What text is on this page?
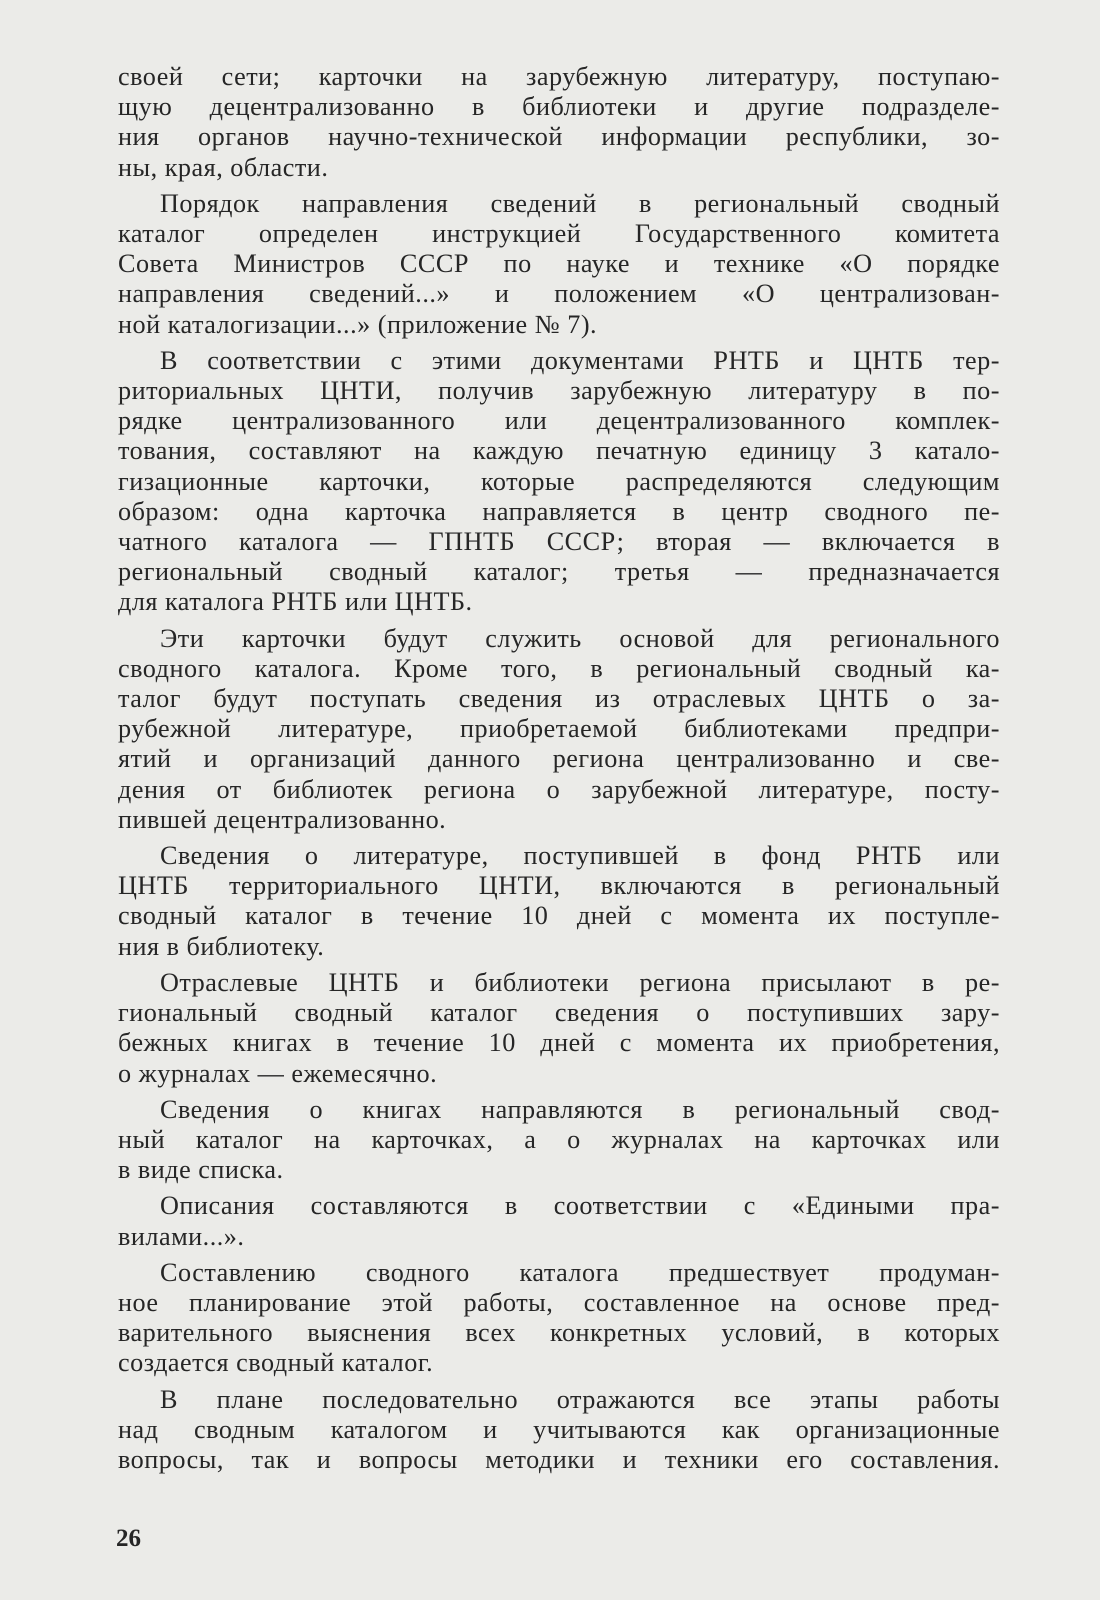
своей сети; карточки на зарубежную литературу, поступаю-
щую децентрализованно в библиотеки и другие подразделе-
ния органов научно-технической информации республики, зо-
ны, края, области.
Порядок направления сведений в региональный сводный
каталог определен инструкцией Государственного комитета
Совета Министров СССР по науке и технике «О порядке
направления сведений...» и положением «О централизован-
ной каталогизации...» (приложение № 7).
В соответствии с этими документами РНТБ и ЦНТБ тер-
риториальных ЦНТИ, получив зарубежную литературу в по-
рядке централизованного или децентрализованного комплек-
тования, составляют на каждую печатную единицу 3 катало-
гизационные карточки, которые распределяются следующим
образом: одна карточка направляется в центр сводного пе-
чатного каталога — ГПНТБ СССР; вторая — включается в
региональный сводный каталог; третья — предназначается
для каталога РНТБ или ЦНТБ.
Эти карточки будут служить основой для регионального
сводного каталога. Кроме того, в региональный сводный ка-
талог будут поступать сведения из отраслевых ЦНТБ о за-
рубежной литературе, приобретаемой библиотеками предпри-
ятий и организаций данного региона централизованно и све-
дения от библиотек региона о зарубежной литературе, посту-
пившей децентрализованно.
Сведения о литературе, поступившей в фонд РНТБ или
ЦНТБ территориального ЦНТИ, включаются в региональный
сводный каталог в течение 10 дней с момента их поступле-
ния в библиотеку.
Отраслевые ЦНТБ и библиотеки региона присылают в ре-
гиональный сводный каталог сведения о поступивших зару-
бежных книгах в течение 10 дней с момента их приобретения,
о журналах — ежемесячно.
Сведения о книгах направляются в региональный свод-
ный каталог на карточках, а о журналах на карточках или
в виде списка.
Описания составляются в соответствии с «Едиными пра-
вилами...».
Составлению сводного каталога предшествует продуман-
ное планирование этой работы, составленное на основе пред-
варительного выяснения всех конкретных условий, в которых
создается сводный каталог.
В плане последовательно отражаются все этапы работы
над сводным каталогом и учитываются как организационные
вопросы, так и вопросы методики и техники его составления.
26
